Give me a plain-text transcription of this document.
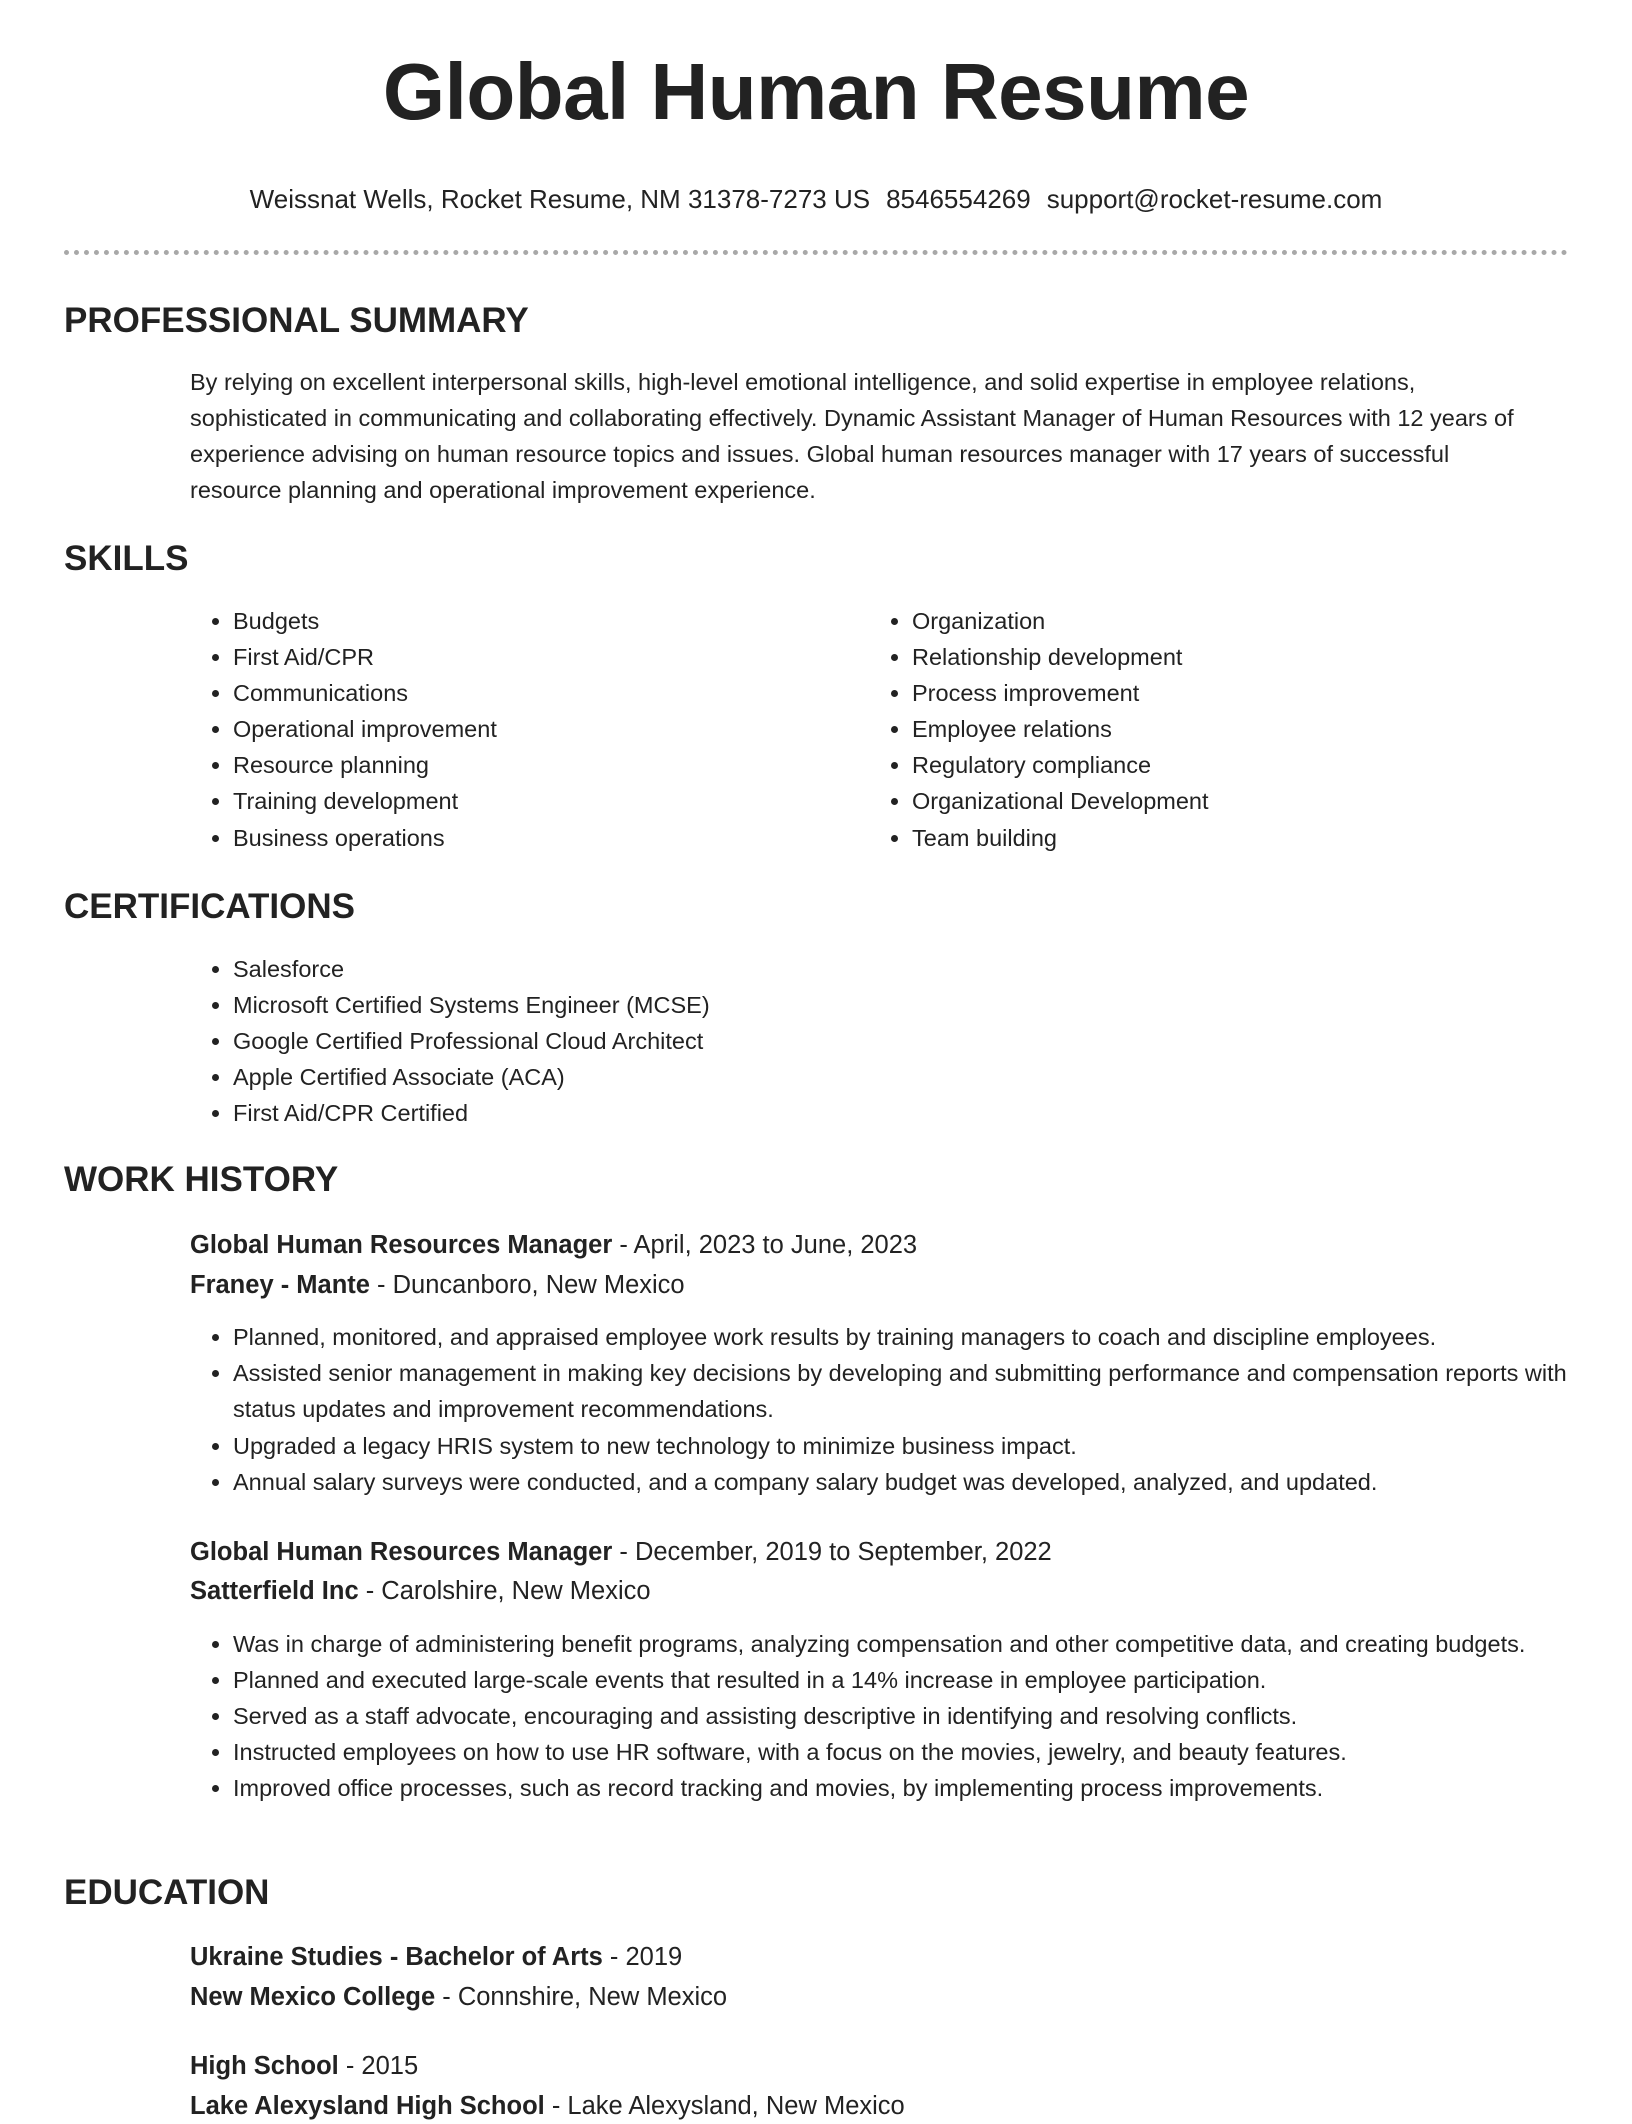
Global Human Resume
Weissnat Wells, Rocket Resume, NM 31378-7273 US 8546554269 support@rocket-resume.com
PROFESSIONAL SUMMARY

By relying on excellent interpersonal skills, high-level emotional intelligence, and solid expertise in employee relations, sophisticated in communicating and collaborating effectively. Dynamic Assistant Manager of Human Resources with 12 years of experience advising on human resource topics and issues. Global human resources manager with 17 years of successful resource planning and operational improvement experience.

SKILLS
• Budgets
• First Aid/CPR
• Communications
• Operational improvement
• Resource planning
• Training development
• Business operations
• Organization
• Relationship development
• Process improvement
• Employee relations
• Regulatory compliance
• Organizational Development
• Team building
CERTIFICATIONS
• Salesforce
• Microsoft Certified Systems Engineer (MCSE)
• Google Certified Professional Cloud Architect
• Apple Certified Associate (ACA)
• First Aid/CPR Certified
WORK HISTORY

Global Human Resources Manager - April, 2023 to June, 2023

Franey - Mante - Duncanboro, New Mexico

• Planned, monitored, and appraised employee work results by training managers to coach and discipline employees.
• Assisted senior management in making key decisions by developing and submitting performance and compensation reports with status updates and improvement recommendations.
• Upgraded a legacy HRIS system to new technology to minimize business impact.
• Annual salary surveys were conducted, and a company salary budget was developed, analyzed, and updated.

Global Human Resources Manager - December, 2019 to September, 2022

Satterfield Inc - Carolshire, New Mexico

• Was in charge of administering benefit programs, analyzing compensation and other competitive data, and creating budgets.
• Planned and executed large-scale events that resulted in a 14% increase in employee participation.
• Served as a staff advocate, encouraging and assisting descriptive in identifying and resolving conflicts.
• Instructed employees on how to use HR software, with a focus on the movies, jewelry, and beauty features.
• Improved office processes, such as record tracking and movies, by implementing process improvements.
EDUCATION

Ukraine Studies - Bachelor of Arts - 2019

New Mexico College - Connshire, New Mexico

High School - 2015

Lake Alexysland High School - Lake Alexysland, New Mexico
